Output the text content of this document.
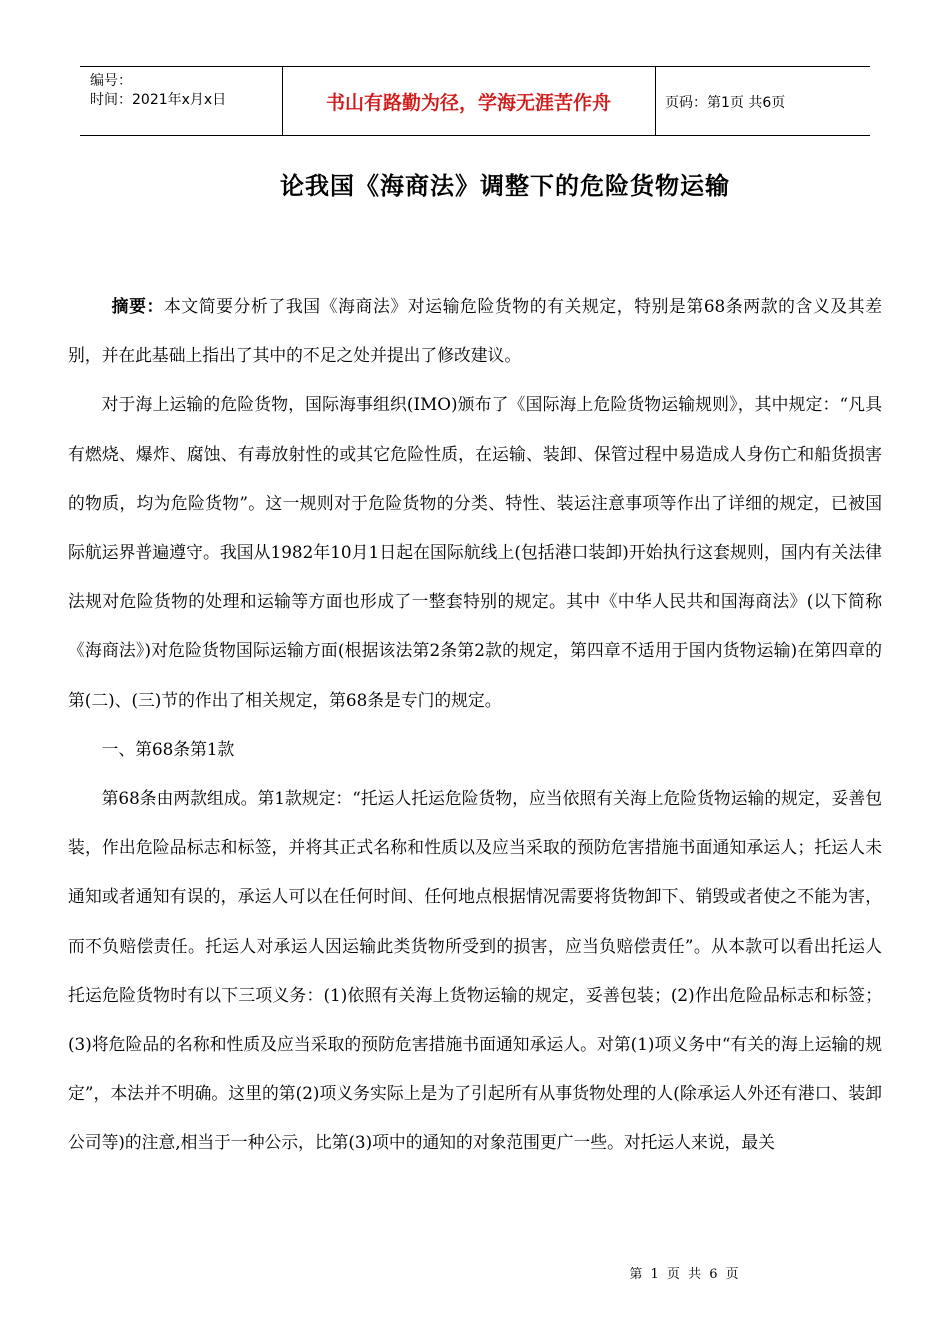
编号：
时间：2021年x月x日	书山有路勤为径，学海无涯苦作舟	页码：第1页 共6页
论我国《海商法》调整下的危险货物运输

摘要：本文简要分析了我国《海商法》对运输危险货物的有关规定，特别是第68条两款的含义及其差别，并在此基础上指出了其中的不足之处并提出了修改建议。

对于海上运输的危险货物，国际海事组织(IMO)颁布了《国际海上危险货物运输规则》，其中规定：“凡具有燃烧、爆炸、腐蚀、有毒放射性的或其它危险性质，在运输、装卸、保管过程中易造成人身伤亡和船货损害的物质，均为危险货物”。这一规则对于危险货物的分类、特性、装运注意事项等作出了详细的规定，已被国际航运界普遍遵守。我国从1982年10月1日起在国际航线上(包括港口装卸)开始执行这套规则，国内有关法律法规对危险货物的处理和运输等方面也形成了一整套特别的规定。其中《中华人民共和国海商法》(以下简称《海商法》)对危险货物国际运输方面(根据该法第2条第2款的规定，第四章不适用于国内货物运输)在第四章的第(二)、(三)节的作出了相关规定，第68条是专门的规定。

一、第68条第1款

第68条由两款组成。第1款规定：“托运人托运危险货物，应当依照有关海上危险货物运输的规定，妥善包装，作出危险品标志和标签，并将其正式名称和性质以及应当采取的预防危害措施书面通知承运人；托运人未通知或者通知有误的，承运人可以在任何时间、任何地点根据情况需要将货物卸下、销毁或者使之不能为害，而不负赔偿责任。托运人对承运人因运输此类货物所受到的损害，应当负赔偿责任”。从本款可以看出托运人托运危险货物时有以下三项义务：(1)依照有关海上货物运输的规定，妥善包装；(2)作出危险品标志和标签；(3)将危险品的名称和性质及应当采取的预防危害措施书面通知承运人。对第(1)项义务中“有关的海上运输的规定”，本法并不明确。这里的第(2)项义务实际上是为了引起所有从事货物处理的人(除承运人外还有港口、装卸公司等)的注意,相当于一种公示，比第(3)项中的通知的对象范围更广一些。对托运人来说，最关

第 1 页 共 6 页
